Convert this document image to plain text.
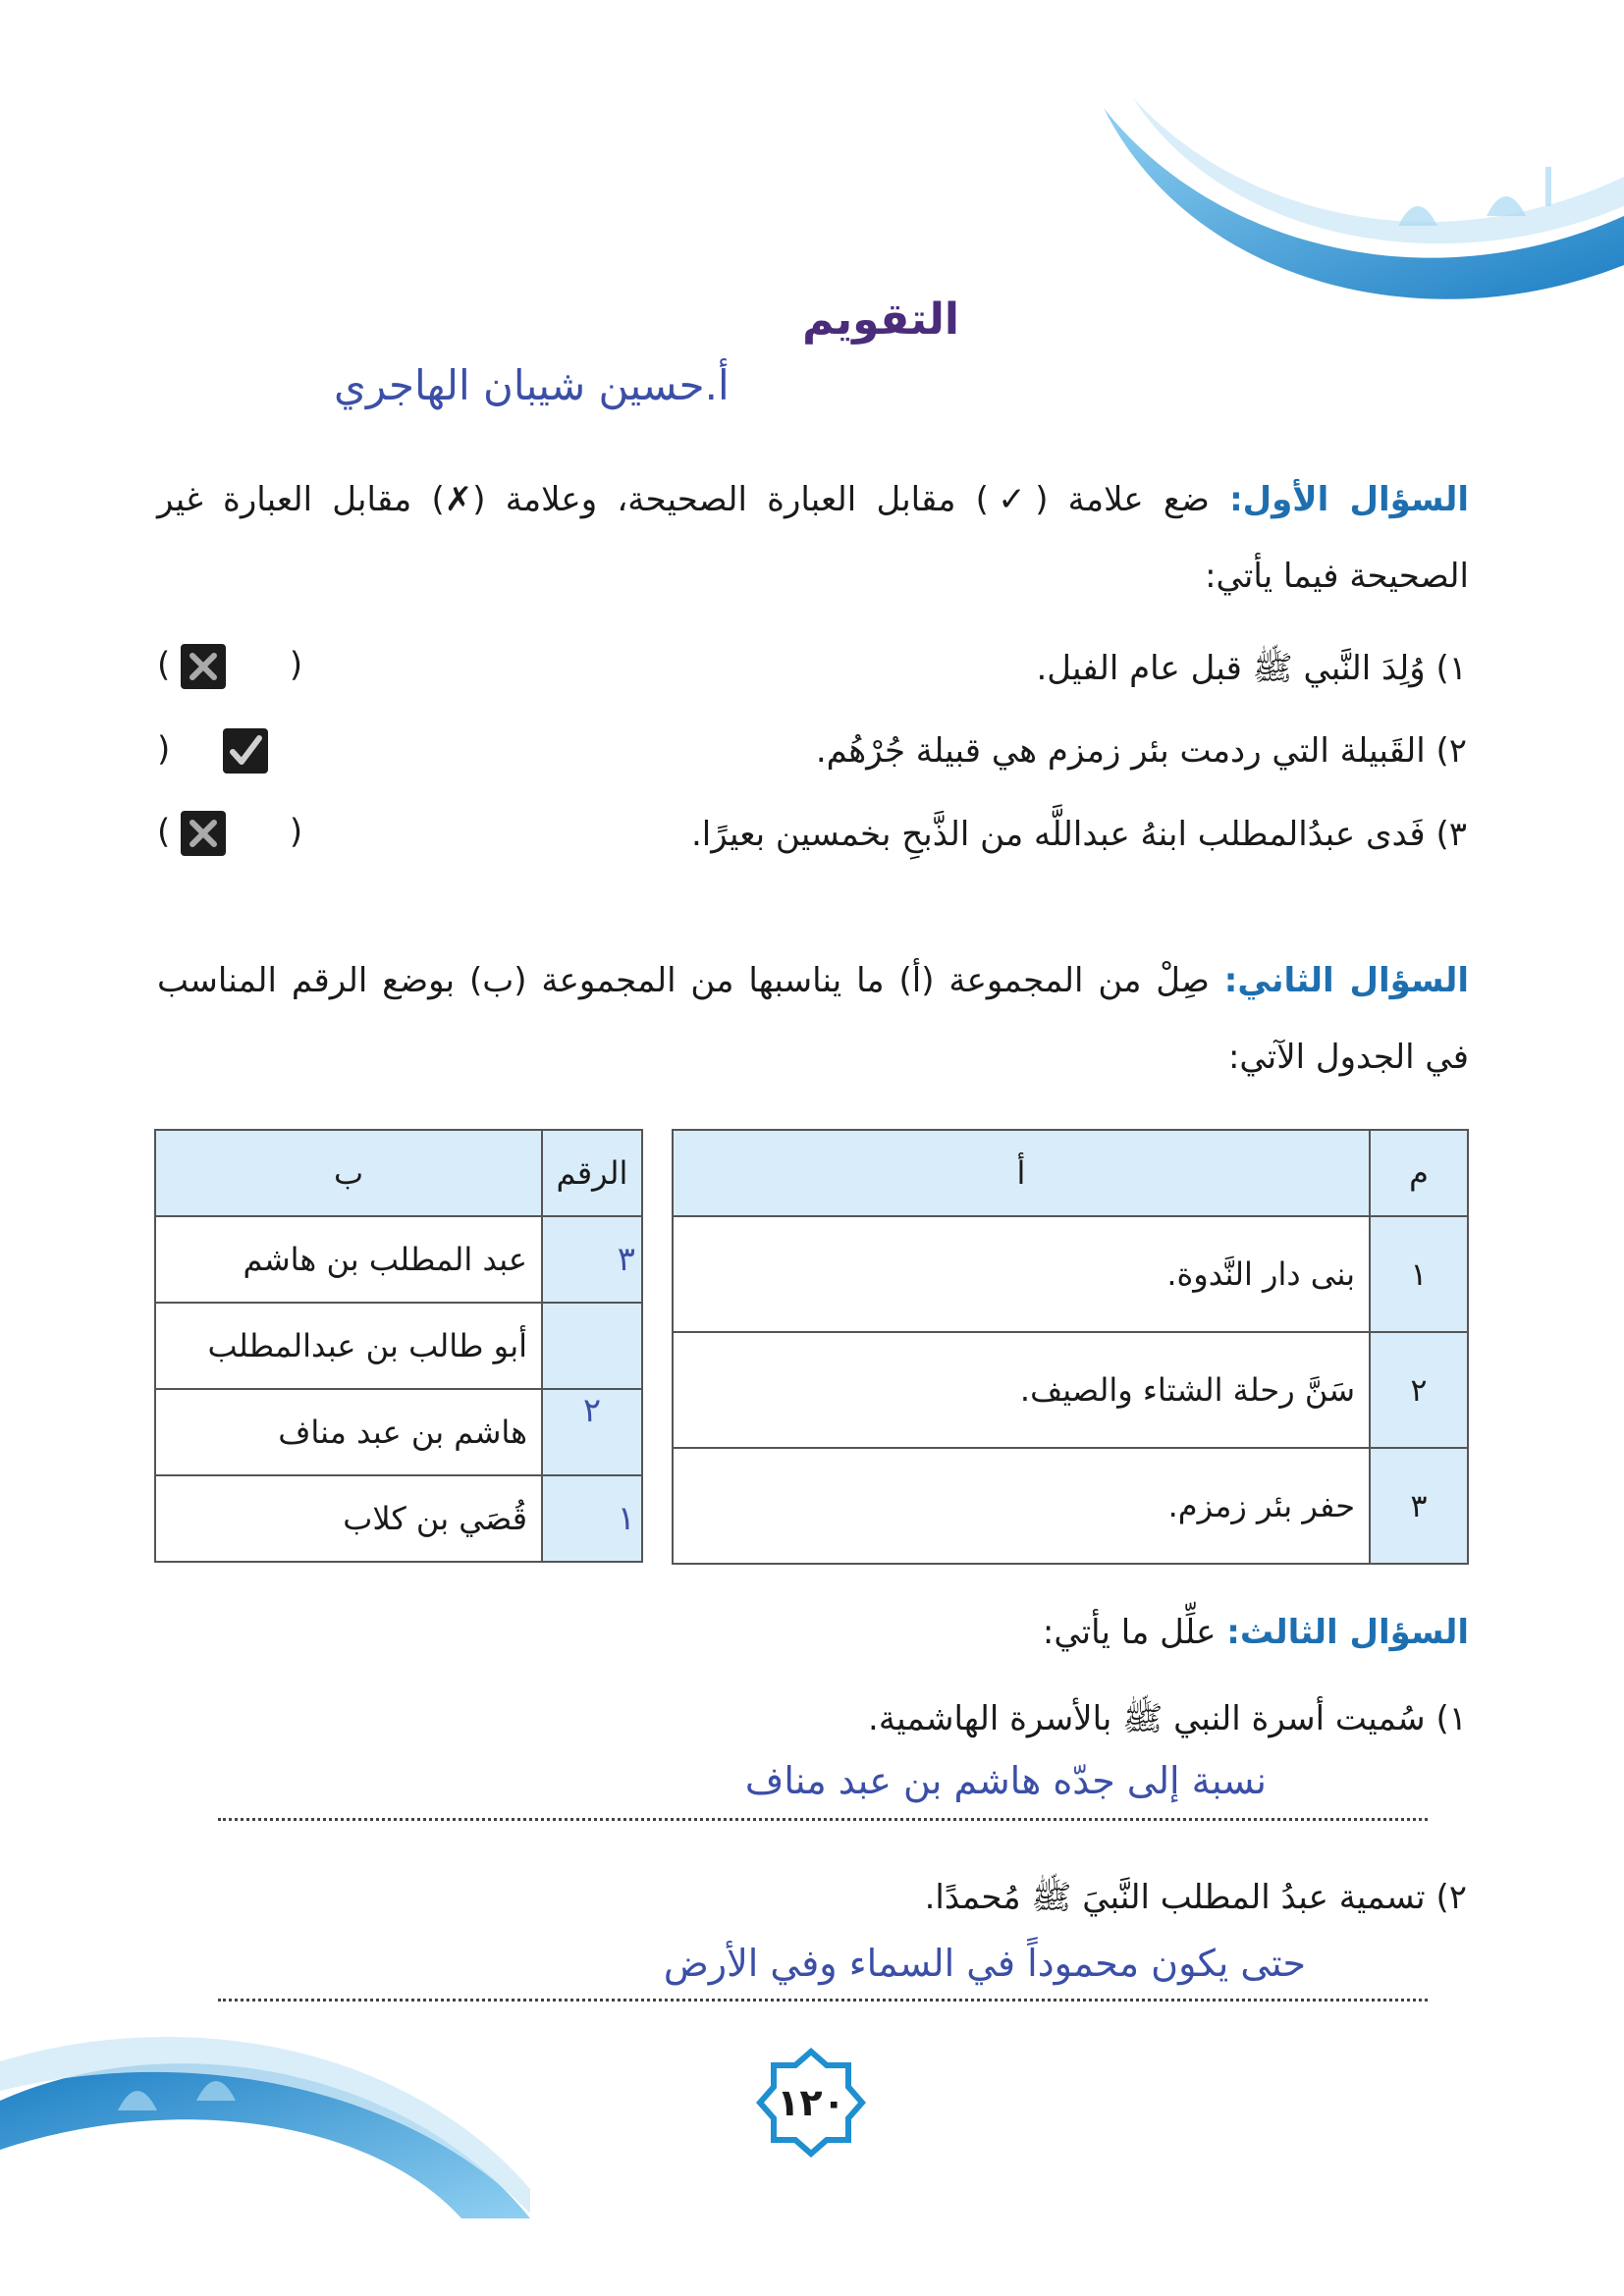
التقويم
أ.حسين شيبان الهاجري
السؤال الأول: ضع علامة (✓) مقابل العبارة الصحيحة، وعلامة (✗) مقابل العبارة غير الصحيحة فيما يأتي:
١) وُلِدَ النَّبي ﷺ قبل عام الفيل.
(
)
٢) القَبيلة التي ردمت بئر زمزم هي قبيلة جُرْهُم.
)
٣) فَدى عبدُالمطلب ابنهُ عبداللَّه من الذَّبحِ بخمسين بعيرًا.
(
)
السؤال الثاني: صِلْ من المجموعة (أ) ما يناسبها من المجموعة (ب) بوضع الرقم المناسب في الجدول الآتي:
م	أ
١	بنى دار النَّدوة.
٢	سَنَّ رحلة الشتاء والصيف.
٣	حفر بئر زمزم.
الرقم	ب
٣	عبد المطلب بن هاشم
	أبو طالب بن عبدالمطلب
٢	هاشم بن عبد مناف
١	قُصَي بن كلاب
السؤال الثالث: علِّل ما يأتي:
١) سُميت أسرة النبي ﷺ بالأسرة الهاشمية.
نسبة إلى جدّه هاشم بن عبد مناف
٢) تسمية عبدُ المطلب النَّبيَ ﷺ مُحمدًا.
حتى يكون محموداً في السماء وفي الأرض
١٢٠
